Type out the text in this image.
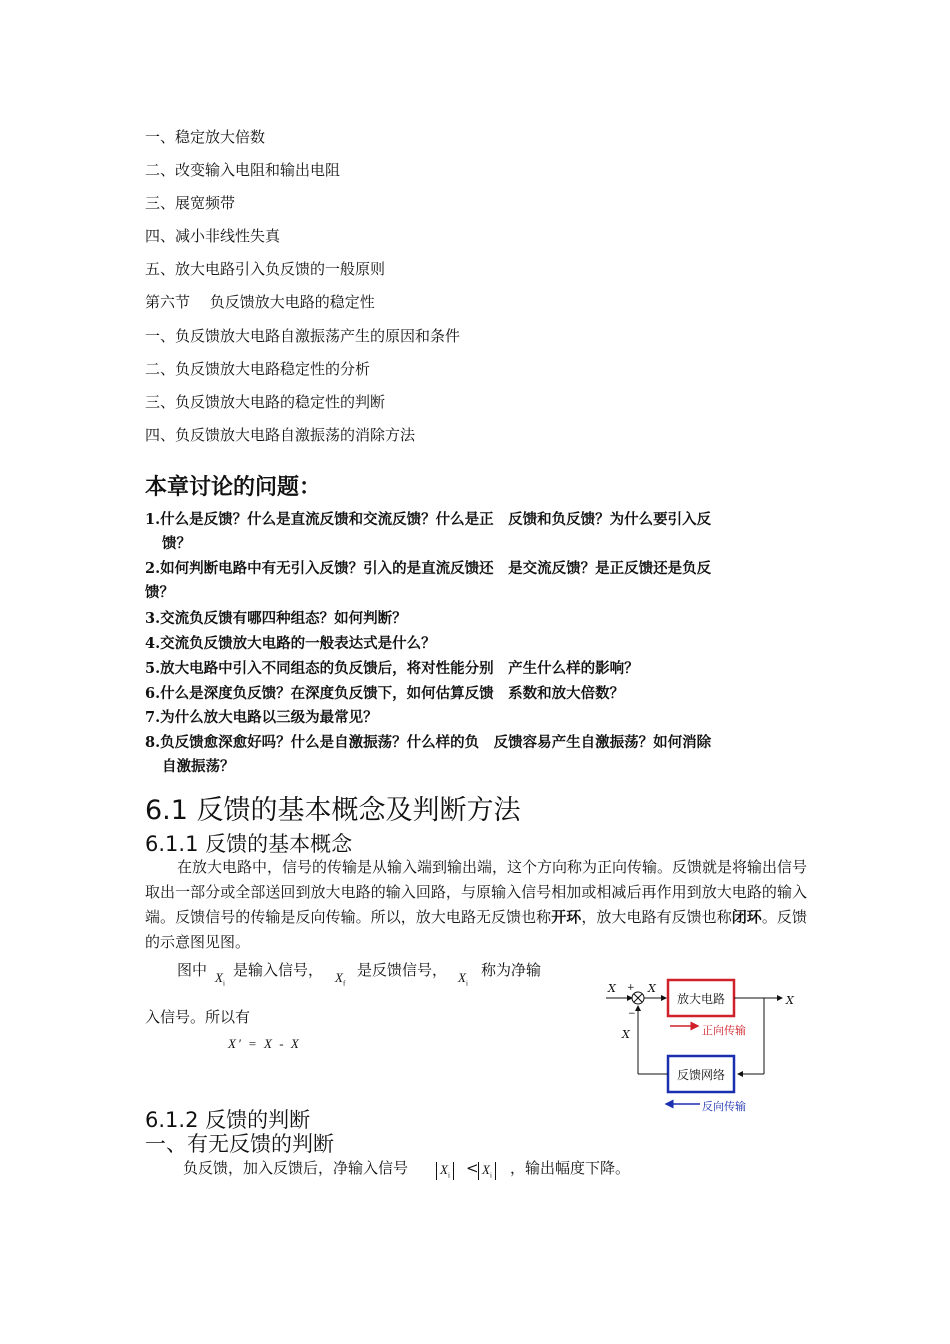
一、稳定放大倍数
二、改变输入电阻和输出电阻
三、展宽频带
四、减小非线性失真
五、放大电路引入负反馈的一般原则
第六节　 负反馈放大电路的稳定性
一、负反馈放大电路自激振荡产生的原因和条件
二、负反馈放大电路稳定性的分析
三、负反馈放大电路的稳定性的判断
四、负反馈放大电路自激振荡的消除方法
本章讨论的问题：
1.什么是反馈？什么是直流反馈和交流反馈？什么是正　反馈和负反馈？为什么要引入反
馈？
2.如何判断电路中有无引入反馈？引入的是直流反馈还　是交流反馈？是正反馈还是负反
馈？
3.交流负反馈有哪四种组态？如何判断？
4.交流负反馈放大电路的一般表达式是什么？
5.放大电路中引入不同组态的负反馈后，将对性能分别　产生什么样的影响？
6.什么是深度负反馈？在深度负反馈下，如何估算反馈　系数和放大倍数？
7.为什么放大电路以三级为最常见？
8.负反馈愈深愈好吗？什么是自激振荡？什么样的负　反馈容易产生自激振荡？如何消除
自激振荡？
6.1 反馈的基本概念及判断方法
6.1.1 反馈的基本概念
在放大电路中，信号的传输是从输入端到输出端，这个方向称为正向传输。反馈就是将输出信号取出一部分或全部送回到放大电路的输入回路，与原输入信号相加或相减后再作用到放大电路的输入端。反馈信号的传输是反向传输。所以，放大电路无反馈也称开环，放大电路有反馈也称闭环。反馈的示意图见图。
图中 $X_i$
是输入信号， $X_f$
是反馈信号， $X_i$
称为净输
入信号。所以有
X′ = X - X
+
−
放大电路
正向传输
反馈网络
反向传输
X	X
X
X
6.1.2 反馈的判断
一、有无反馈的判断
负反馈，加入反馈后，净输入信号	$X_i < X_i$ ，输出幅度下降。
